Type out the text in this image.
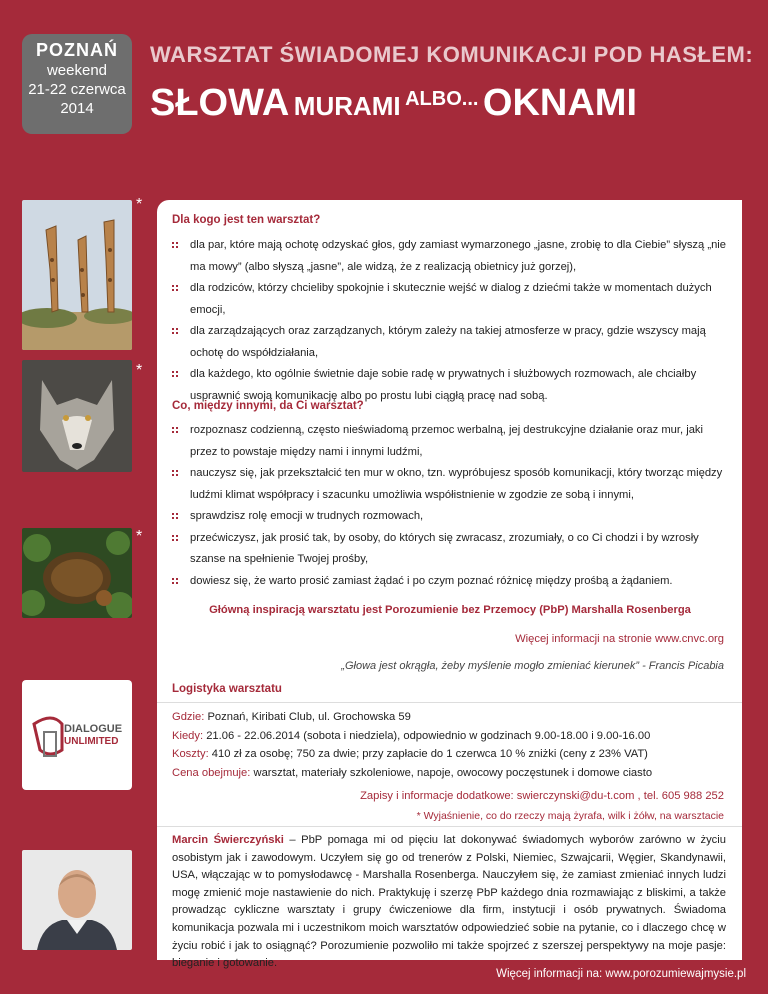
POZNAŃ
weekend
21-22 czerwca
2014
WARSZTAT ŚWIADOMEJ KOMUNIKACJI POD HASŁEM:
SŁOWA MURAMI ALBO... OKNAMI
*
*
*
Dla kogo jest ten warsztat?
dla par, które mają ochotę odzyskać głos, gdy zamiast wymarzonego „jasne, zrobię to dla Ciebie” słyszą „nie ma mowy” (albo słyszą „jasne”, ale widzą, że z realizacją obietnicy już gorzej),
dla rodziców, którzy chcieliby spokojnie i skutecznie wejść w dialog z dziećmi także w momentach dużych emocji,
dla zarządzających oraz zarządzanych, którym zależy na takiej atmosferze w pracy, gdzie wszyscy mają ochotę do współdziałania,
dla każdego, kto ogólnie świetnie daje sobie radę w prywatnych i służbowych rozmowach, ale chciałby usprawnić swoją komunikację albo po prostu lubi ciągłą pracę nad sobą.
Co, między innymi, da Ci warsztat?
rozpoznasz codzienną, często nieświadomą przemoc werbalną, jej destrukcyjne działanie oraz mur, jaki przez to powstaje między nami i innymi ludźmi,
nauczysz się, jak przekształcić ten mur w okno, tzn. wypróbujesz sposób komunikacji, który tworząc między ludźmi klimat współpracy i szacunku umożliwia współistnienie w zgodzie ze sobą i innymi,
sprawdzisz rolę emocji w trudnych rozmowach,
przećwiczysz, jak prosić tak, by osoby, do których się zwracasz, zrozumiały, o co Ci chodzi i by wzrosły szanse na spełnienie Twojej prośby,
dowiesz się, że warto prosić zamiast żądać i po czym poznać różnicę między prośbą a żądaniem.
Główną inspiracją warsztatu jest Porozumienie bez Przemocy (PbP) Marshalla Rosenberga
Więcej informacji na stronie www.cnvc.org
„Głowa jest okrągła, żeby myślenie mogło zmieniać kierunek” - Francis Picabia
Logistyka warsztatu
Gdzie: Poznań, Kiribati Club, ul. Grochowska 59
Kiedy: 21.06 - 22.06.2014 (sobota i niedziela), odpowiednio w godzinach 9.00-18.00 i 9.00-16.00
Koszty: 410 zł za osobę; 750 za dwie; przy zapłacie do 1 czerwca 10 % zniżki (ceny z 23% VAT)
Cena obejmuje: warsztat, materiały szkoleniowe, napoje, owocowy poczęstunek i domowe ciasto
DIALOGUE
UNLIMITED
Zapisy i informacje dodatkowe: swierczynski@du-t.com , tel. 605 988 252
* Wyjaśnienie, co do rzeczy mają żyrafa, wilk i żółw, na warsztacie
Marcin Świerczyński – PbP pomaga mi od pięciu lat dokonywać świadomych wyborów zarówno w życiu osobistym jak i zawodowym. Uczyłem się go od trenerów z Polski, Niemiec, Szwajcarii, Węgier, Skandynawii, USA, włączając w to pomysłodawcę - Marshalla Rosenberga. Nauczyłem się, że zamiast zmieniać innych ludzi mogę zmienić moje nastawienie do nich. Praktykuję i szerzę PbP każdego dnia rozmawiając z bliskimi, a także prowadząc cykliczne warsztaty i grupy ćwiczeniowe dla firm, instytucji i osób prywatnych. Świadoma komunikacja pozwala mi i uczestnikom moich warsztatów odpowiedzieć sobie na pytanie, co i dlaczego chcę w życiu robić i jak to osiągnąć? Porozumienie pozwoliło mi także spojrzeć z szerszej perspektywy na moje pasje: bieganie i gotowanie.
Więcej informacji na: www.porozumiewajmysie.pl
